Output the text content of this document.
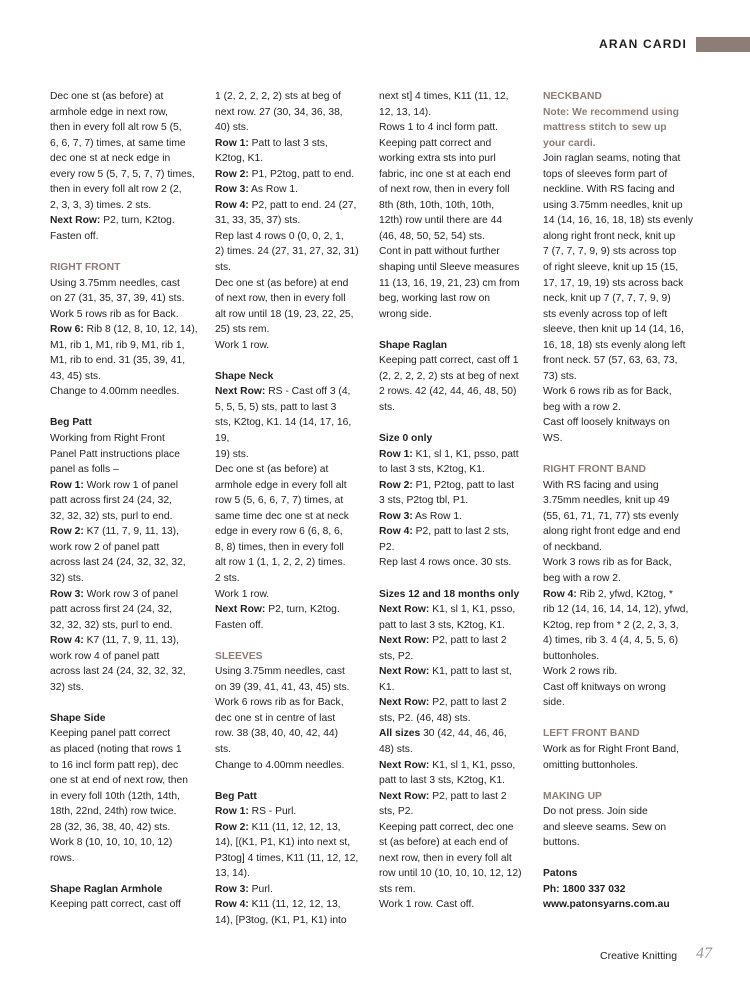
ARAN CARDI

Dec one st (as before) at

armhole edge in next row,

then in every foll alt row 5 (5,

6, 6, 7, 7) times, at same time

dec one st at neck edge in

every row 5 (5, 7, 5, 7, 7) times,

then in every foll alt row 2 (2,

2, 3, 3, 3) times. 2 sts.

Next Row: P2, turn, K2tog.

Fasten off.

RIGHT FRONT

Using 3.75mm needles, cast

on 27 (31, 35, 37, 39, 41) sts.

Work 5 rows rib as for Back.

Row 6: Rib 8 (12, 8, 10, 12, 14),

M1, rib 1, M1, rib 9, M1, rib 1,

M1, rib to end. 31 (35, 39, 41,

43, 45) sts.

Change to 4.00mm needles.

Beg Patt

Working from Right Front

Panel Patt instructions place

panel as folls –

Row 1: Work row 1 of panel

patt across first 24 (24, 32,

32, 32, 32) sts, purl to end.

Row 2: K7 (11, 7, 9, 11, 13),

work row 2 of panel patt

across last 24 (24, 32, 32, 32,

32) sts.

Row 3: Work row 3 of panel

patt across first 24 (24, 32,

32, 32, 32) sts, purl to end.

Row 4: K7 (11, 7, 9, 11, 13),

work row 4 of panel patt

across last 24 (24, 32, 32, 32,

32) sts.

Shape Side

Keeping panel patt correct

as placed (noting that rows 1

to 16 incl form patt rep), dec

one st at end of next row, then

in every foll 10th (12th, 14th,

18th, 22nd, 24th) row twice.

28 (32, 36, 38, 40, 42) sts.

Work 8 (10, 10, 10, 10, 12)

rows.

Shape Raglan Armhole

Keeping patt correct, cast off

1 (2, 2, 2, 2, 2) sts at beg of

next row. 27 (30, 34, 36, 38,

40) sts.

Row 1: Patt to last 3 sts,

K2tog, K1.

Row 2: P1, P2tog, patt to end.

Row 3: As Row 1.

Row 4: P2, patt to end. 24 (27,

31, 33, 35, 37) sts.

Rep last 4 rows 0 (0, 0, 2, 1,

2) times. 24 (27, 31, 27, 32, 31)

sts.

Dec one st (as before) at end

of next row, then in every foll

alt row until 18 (19, 23, 22, 25,

25) sts rem.

Work 1 row.

Shape Neck

Next Row: RS - Cast off 3 (4,

5, 5, 5, 5) sts, patt to last 3

sts, K2tog, K1. 14 (14, 17, 16, 19,

19) sts.

Dec one st (as before) at

armhole edge in every foll alt

row 5 (5, 6, 6, 7, 7) times, at

same time dec one st at neck

edge in every row 6 (6, 8, 6,

8, 8) times, then in every foll

alt row 1 (1, 1, 2, 2, 2) times.

2 sts.

Work 1 row.

Next Row: P2, turn, K2tog.

Fasten off.

SLEEVES

Using 3.75mm needles, cast

on 39 (39, 41, 41, 43, 45) sts.

Work 6 rows rib as for Back,

dec one st in centre of last

row. 38 (38, 40, 40, 42, 44)

sts.

Change to 4.00mm needles.

Beg Patt

Row 1: RS - Purl.

Row 2: K11 (11, 12, 12, 13,

14), [(K1, P1, K1) into next st,

P3tog] 4 times, K11 (11, 12, 12,

13, 14).

Row 3: Purl.

Row 4: K11 (11, 12, 12, 13,

14), [P3tog, (K1, P1, K1) into

next st] 4 times, K11 (11, 12,

12, 13, 14).

Rows 1 to 4 incl form patt.

Keeping patt correct and

working extra sts into purl

fabric, inc one st at each end

of next row, then in every foll

8th (8th, 10th, 10th, 10th,

12th) row until there are 44

(46, 48, 50, 52, 54) sts.

Cont in patt without further

shaping until Sleeve measures

11 (13, 16, 19, 21, 23) cm from

beg, working last row on

wrong side.

Shape Raglan

Keeping patt correct, cast off 1

(2, 2, 2, 2, 2) sts at beg of next

2 rows. 42 (42, 44, 46, 48, 50)

sts.

Size 0 only

Row 1: K1, sl 1, K1, psso, patt

to last 3 sts, K2tog, K1.

Row 2: P1, P2tog, patt to last

3 sts, P2tog tbl, P1.

Row 3: As Row 1.

Row 4: P2, patt to last 2 sts,

P2.

Rep last 4 rows once. 30 sts.

Sizes 12 and 18 months only

Next Row: K1, sl 1, K1, psso,

patt to last 3 sts, K2tog, K1.

Next Row: P2, patt to last 2

sts, P2.

Next Row: K1, patt to last st,

K1.

Next Row: P2, patt to last 2

sts, P2. (46, 48) sts.

All sizes 30 (42, 44, 46, 46,

48) sts.

Next Row: K1, sl 1, K1, psso,

patt to last 3 sts, K2tog, K1.

Next Row: P2, patt to last 2

sts, P2.

Keeping patt correct, dec one

st (as before) at each end of

next row, then in every foll alt

row until 10 (10, 10, 10, 12, 12)

sts rem.

Work 1 row. Cast off.

NECKBAND

Note: We recommend using

mattress stitch to sew up

your cardi.

Join raglan seams, noting that

tops of sleeves form part of

neckline. With RS facing and

using 3.75mm needles, knit up

14 (14, 16, 16, 18, 18) sts evenly

along right front neck, knit up

7 (7, 7, 7, 9, 9) sts across top

of right sleeve, knit up 15 (15,

17, 17, 19, 19) sts across back

neck, knit up 7 (7, 7, 7, 9, 9)

sts evenly across top of left

sleeve, then knit up 14 (14, 16,

16, 18, 18) sts evenly along left

front neck. 57 (57, 63, 63, 73,

73) sts.

Work 6 rows rib as for Back,

beg with a row 2.

Cast off loosely knitways on

WS.

RIGHT FRONT BAND

With RS facing and using

3.75mm needles, knit up 49

(55, 61, 71, 71, 77) sts evenly

along right front edge and end

of neckband.

Work 3 rows rib as for Back,

beg with a row 2.

Row 4: Rib 2, yfwd, K2tog, *

rib 12 (14, 16, 14, 14, 12), yfwd,

K2tog, rep from * 2 (2, 2, 3, 3,

4) times, rib 3. 4 (4, 4, 5, 5, 6)

buttonholes.

Work 2 rows rib.

Cast off knitways on wrong

side.

LEFT FRONT BAND

Work as for Right Front Band,

omitting buttonholes.

MAKING UP

Do not press. Join side

and sleeve seams. Sew on

buttons.

Patons

Ph: 1800 337 032

www.patonsyarns.com.au

Creative Knitting 47
